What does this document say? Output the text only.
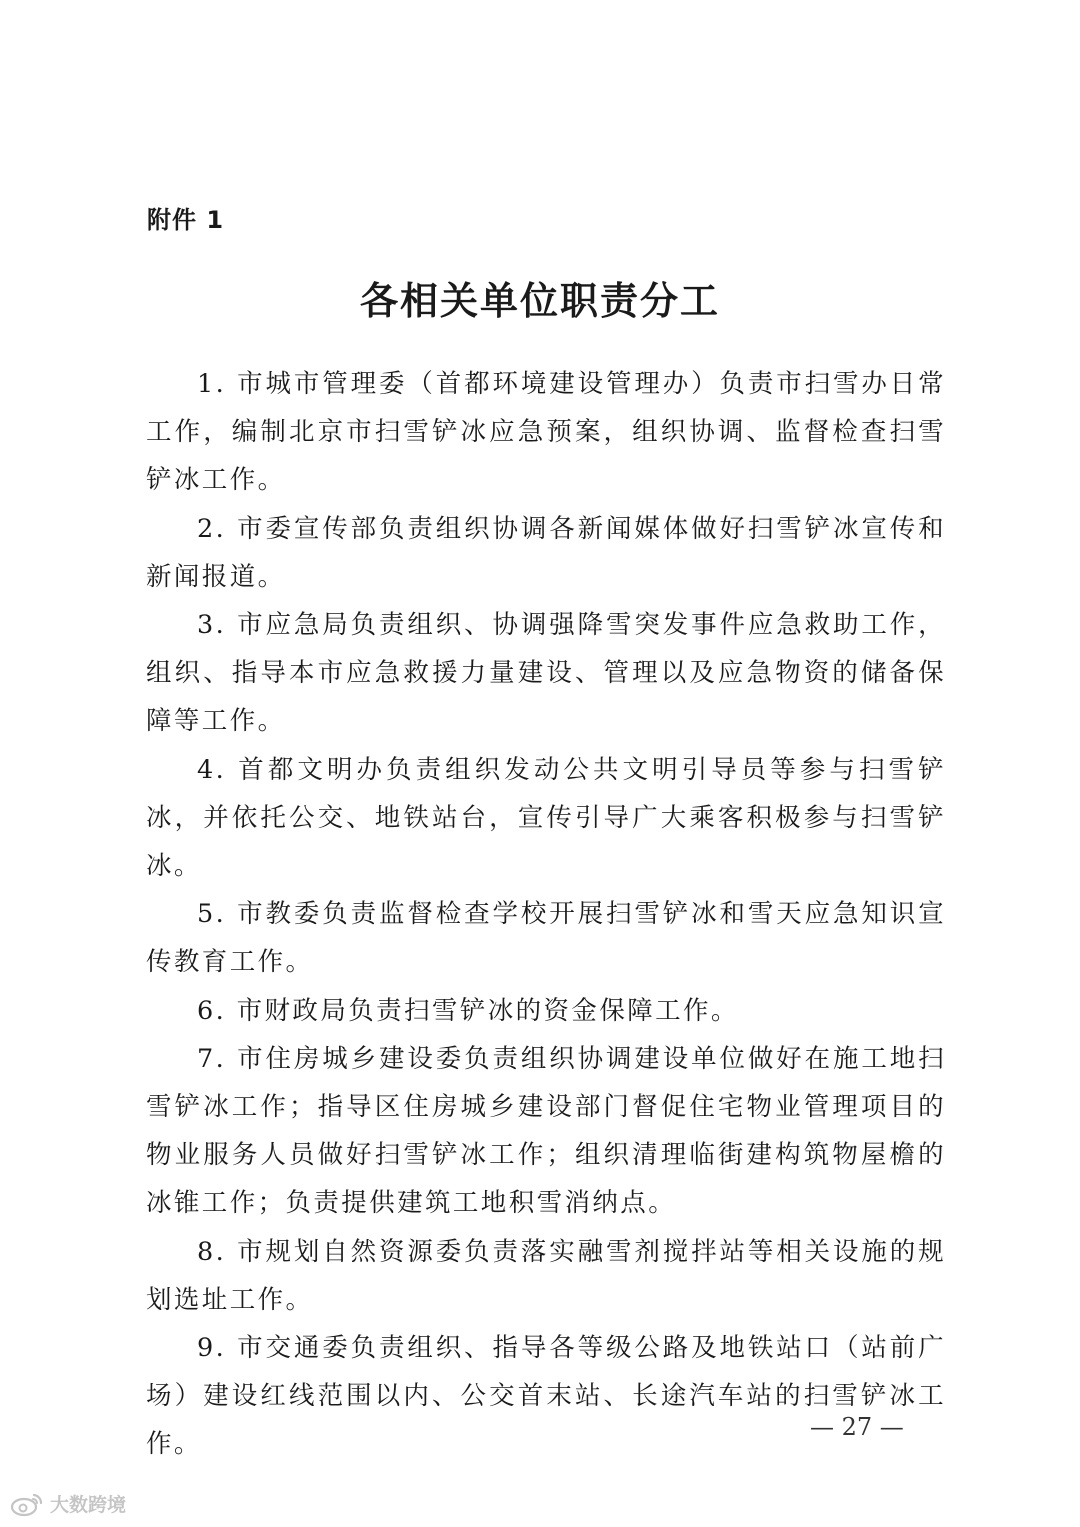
附件 1
各相关单位职责分工

1. 市城市管理委（首都环境建设管理办）负责市扫雪办日常工作，编制北京市扫雪铲冰应急预案，组织协调、监督检查扫雪铲冰工作。

2. 市委宣传部负责组织协调各新闻媒体做好扫雪铲冰宣传和新闻报道。

3. 市应急局负责组织、协调强降雪突发事件应急救助工作，组织、指导本市应急救援力量建设、管理以及应急物资的储备保障等工作。

4. 首都文明办负责组织发动公共文明引导员等参与扫雪铲冰，并依托公交、地铁站台，宣传引导广大乘客积极参与扫雪铲冰。

5. 市教委负责监督检查学校开展扫雪铲冰和雪天应急知识宣传教育工作。

6. 市财政局负责扫雪铲冰的资金保障工作。

7. 市住房城乡建设委负责组织协调建设单位做好在施工地扫雪铲冰工作；指导区住房城乡建设部门督促住宅物业管理项目的物业服务人员做好扫雪铲冰工作；组织清理临街建构筑物屋檐的冰锥工作；负责提供建筑工地积雪消纳点。

8. 市规划自然资源委负责落实融雪剂搅拌站等相关设施的规划选址工作。

9. 市交通委负责组织、指导各等级公路及地铁站口（站前广场）建设红线范围以内、公交首末站、长途汽车站的扫雪铲冰工作。

— 27 —
大数跨境
